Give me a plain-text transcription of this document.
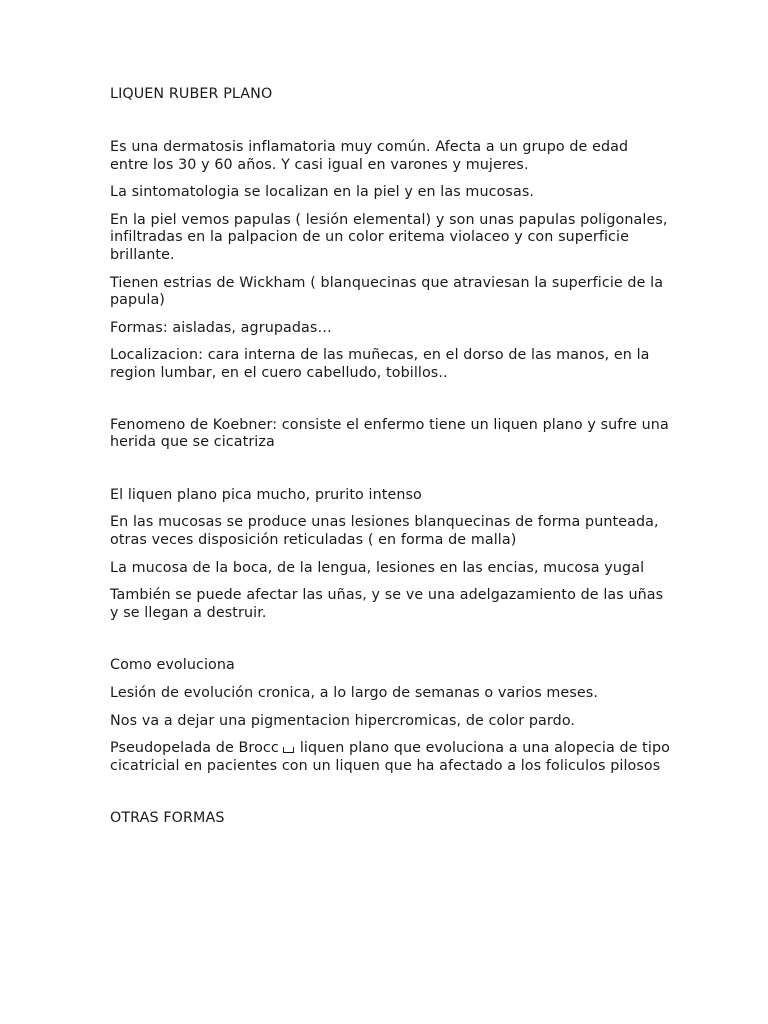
LIQUEN RUBER PLANO

Es una dermatosis inflamatoria muy común. Afecta a un grupo de edad entre los 30 y 60 años. Y casi igual en varones y mujeres.

La sintomatologia se localizan en la piel y en las mucosas.

En la piel vemos papulas ( lesión elemental) y son unas papulas poligonales, infiltradas en la palpacion de un color eritema violaceo y con superficie brillante.

Tienen estrias de Wickham ( blanquecinas que atraviesan la superficie de la papula)

Formas: aisladas, agrupadas…

Localizacion: cara interna de las muñecas, en el dorso de las manos, en la region lumbar, en el cuero cabelludo, tobillos..

Fenomeno de Koebner: consiste el enfermo tiene un liquen plano y sufre una herida que se cicatriza

El liquen plano pica mucho, prurito intenso

En las mucosas se produce unas lesiones blanquecinas de forma punteada, otras veces disposición reticuladas ( en forma de malla)

La mucosa de la boca, de la lengua, lesiones en las encias, mucosa yugal

También se puede afectar las uñas, y se ve una adelgazamiento de las uñas y se llegan a destruir.

Como evoluciona

Lesión de evolución cronica, a lo largo de semanas o varios meses.

Nos va a dejar una pigmentacion hipercromicas, de color pardo.

Pseudopelada de Brocc liquen plano que evoluciona a una alopecia de tipo cicatricial en pacientes con un liquen que ha afectado a los foliculos pilosos

OTRAS FORMAS
